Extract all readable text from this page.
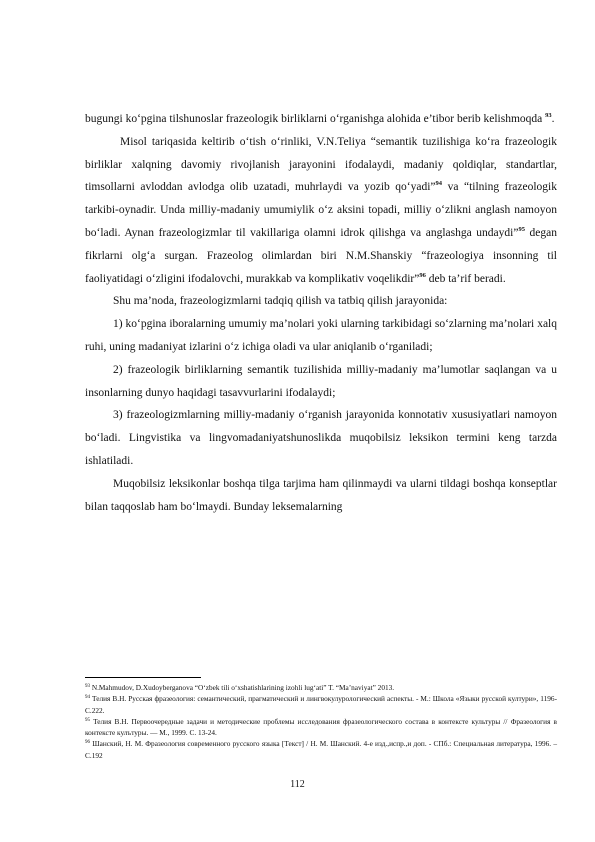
bugungi ko‘pgina tilshunoslar frazeologik birliklarni o‘rganishga alohida e’tibor berib kelishmoqda $^{93}$.

Misol tariqasida keltirib o‘tish o‘rinliki, V.N.Teliya “semantik tuzilishiga ko‘ra frazeologik birliklar xalqning davomiy rivojlanish jarayonini ifodalaydi, madaniy qoldiqlar, standartlar, timsollarni avloddan avlodga olib uzatadi, muhrlaydi va yozib qo‘yadi”$^{94}$ va “tilning frazeologik tarkibi-oynadir. Unda milliy-madaniy umumiylik o‘z aksini topadi, milliy o‘zlikni anglash namoyon bo‘ladi. Aynan frazeologizmlar til vakillariga olamni idrok qilishga va anglashga undaydi”$^{95}$ degan fikrlarni olg‘a surgan. Frazeolog olimlardan biri N.M.Shanskiy “frazeologiya insonning til faoliyatidagi o‘zligini ifodalovchi, murakkab va komplikativ voqelikdir”$^{96}$ deb ta’rif beradi.

Shu ma’noda, frazeologizmlarni tadqiq qilish va tatbiq qilish jarayonida:

1) ko‘pgina iboralarning umumiy ma’nolari yoki ularning tarkibidagi so‘zlarning ma’nolari xalq ruhi, uning madaniyat izlarini o‘z ichiga oladi va ular aniqlanib o‘rganiladi;

2) frazeologik birliklarning semantik tuzilishida milliy-madaniy ma’lumotlar saqlangan va u insonlarning dunyo haqidagi tasavvurlarini ifodalaydi;

3) frazeologizmlarning milliy-madaniy o‘rganish jarayonida konnotativ xususiyatlari namoyon bo‘ladi. Lingvistika va lingvomadaniyatshunoslikda muqobilsiz leksikon termini keng tarzda ishlatiladi.

Muqobilsiz leksikonlar boshqa tilga tarjima ham qilinmaydi va ularni tildagi boshqa konseptlar bilan taqqoslab ham bo‘lmaydi. Bunday leksemalarning

$^{93}$ N.Mahmudov, D.Xudoyberganova “O‘zbek tili o‘xshatishlarining izohli lug‘ati” T. “Ma’naviyat” 2013.
$^{94}$ Телия В.Н. Русская фразеология: семантический, прагматический и лингвокулурологический аспекты. - М.: Школа «Языки русской култури», 1196- С.222.
$^{95}$ Телия В.Н. Первоочередные задачи и методические проблемы исследования фразеологического состава в контексте культуры // Фразеология в контексте кулътуры. — М., 1999. С. 13-24.
$^{96}$ Шанский, Н. М. Фразеология современного русского языка [Текст] / Н. М. Шанский. 4-е изд.,испр.,и доп. - СПб.: Специальная литература, 1996. –С.192
112
